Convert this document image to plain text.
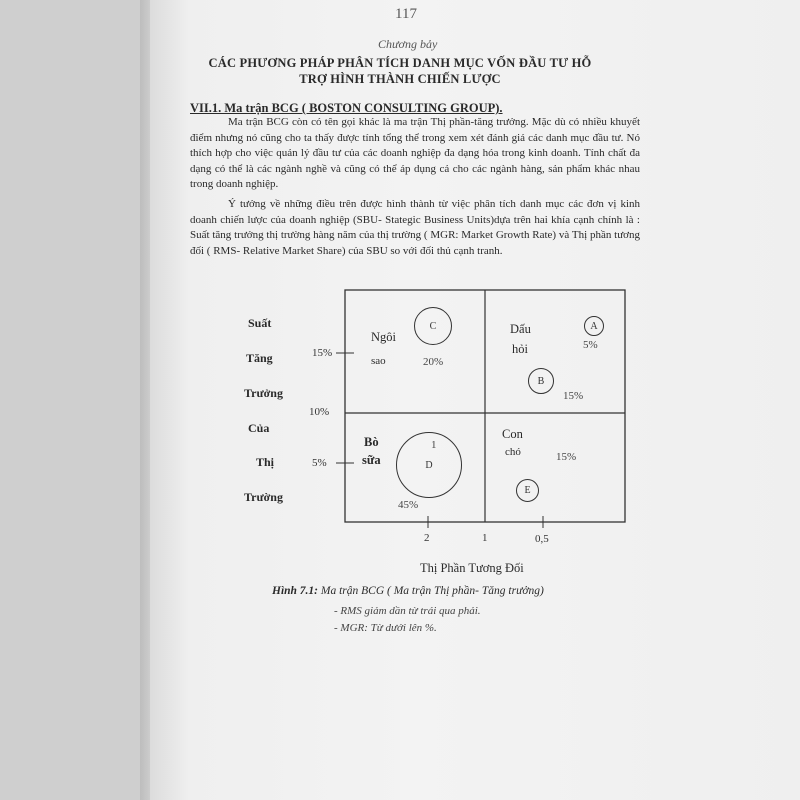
117
Chương bảy
CÁC PHƯƠNG PHÁP PHÂN TÍCH DANH MỤC VỐN ĐẦU TƯ HỖ TRỢ HÌNH THÀNH CHIẾN LƯỢC
VII.1. Ma trận BCG ( BOSTON CONSULTING GROUP).
Ma trận BCG còn có tên gọi khác là ma trận Thị phần-tăng trưởng. Mặc dù có nhiều khuyết điểm nhưng nó cũng cho ta thấy được tính tổng thể trong xem xét đánh giá các danh mục đầu tư. Nó thích hợp cho việc quản lý đầu tư của các doanh nghiệp đa dạng hóa trong kinh doanh. Tính chất đa dạng có thể là các ngành nghề và cũng có thể áp dụng cả cho các ngành hàng, sản phẩm khác nhau trong doanh nghiệp.
Ý tưởng về những điều trên được hình thành từ việc phân tích danh mục các đơn vị kinh doanh chiến lược của doanh nghiệp (SBU- Stategic Business Units)dựa trên hai khía cạnh chính là : Suất tăng trưởng thị trường hàng năm của thị trường ( MGR: Market Growth Rate) và Thị phần tương đối ( RMS- Relative Market Share) của SBU so với đối thủ cạnh tranh.
Suất
Tăng
Trưởng
Của
Thị
Trường
15%
10%
5%
2	1	0,5
Thị Phần Tương Đối
Ngôi
sao
Dấu
hỏi
Bò
sữa
Con
chó
C
20%
A
5%
B
15%
D
1
45%
E
15%
Hình 7.1: Ma trận BCG ( Ma trận Thị phần- Tăng trưởng)
- RMS giảm dần từ trái qua phải.
- MGR: Từ dưới lên %.
